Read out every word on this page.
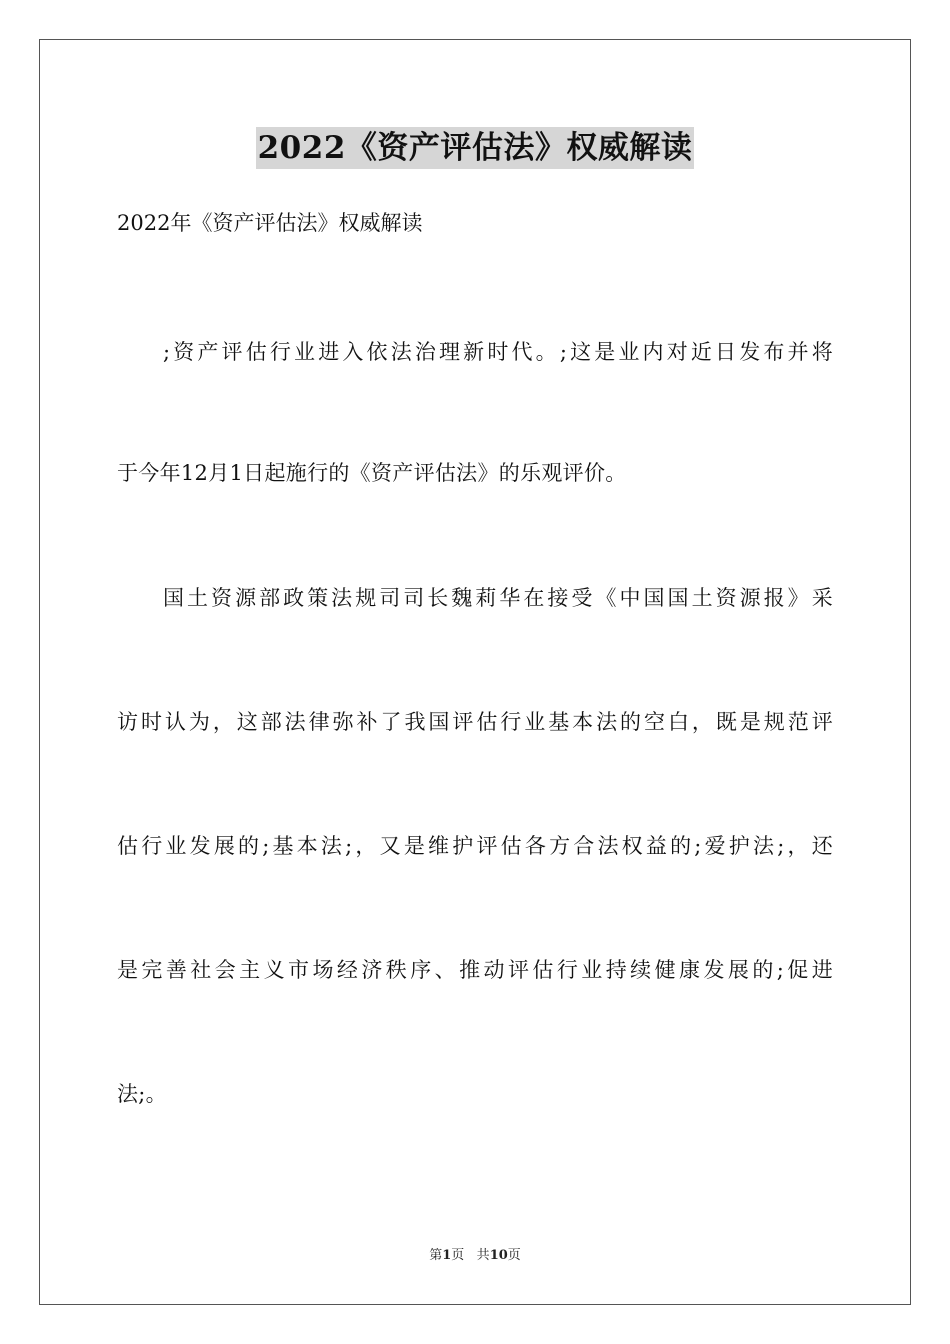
2022《资产评估法》权威解读
2022年《资产评估法》权威解读
;资产评估行业进入依法治理新时代。;这是业内对近日发布并将
于今年12月1日起施行的《资产评估法》的乐观评价。
国土资源部政策法规司司长魏莉华在接受《中国国土资源报》采
访时认为，这部法律弥补了我国评估行业基本法的空白，既是规范评
估行业发展的;基本法;，又是维护评估各方合法权益的;爱护法;，还
是完善社会主义市场经济秩序、推动评估行业持续健康发展的;促进
法;。
第1页 共10页
